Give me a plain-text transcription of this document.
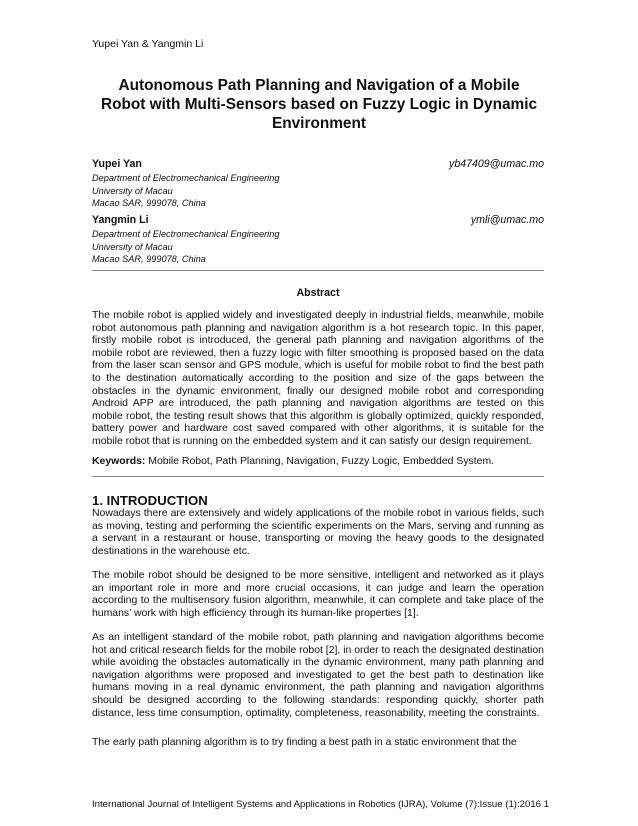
Yupei Yan & Yangmin Li
Autonomous Path Planning and Navigation of a Mobile Robot with Multi-Sensors based on Fuzzy Logic in Dynamic Environment
Yupei Yan	yb47409@umac.mo
Department of Electromechanical Engineering
University of Macau
Macao SAR, 999078, China
Yangmin Li	ymli@umac.mo
Department of Electromechanical Engineering
University of Macau
Macao SAR, 999078, China
Abstract
The mobile robot is applied widely and investigated deeply in industrial fields, meanwhile, mobile robot autonomous path planning and navigation algorithm is a hot research topic. In this paper, firstly mobile robot is introduced, the general path planning and navigation algorithms of the mobile robot are reviewed, then a fuzzy logic with filter smoothing is proposed based on the data from the laser scan sensor and GPS module, which is useful for mobile robot to find the best path to the destination automatically according to the position and size of the gaps between the obstacles in the dynamic environment, finally our designed mobile robot and corresponding Android APP are introduced, the path planning and navigation algorithms are tested on this mobile robot, the testing result shows that this algorithm is globally optimized, quickly responded, battery power and hardware cost saved compared with other algorithms, it is suitable for the mobile robot that is running on the embedded system and it can satisfy our design requirement.
Keywords: Mobile Robot, Path Planning, Navigation, Fuzzy Logic, Embedded System.
1. INTRODUCTION
Nowadays there are extensively and widely applications of the mobile robot in various fields, such as moving, testing and performing the scientific experiments on the Mars, serving and running as a servant in a restaurant or house, transporting or moving the heavy goods to the designated destinations in the warehouse etc.
The mobile robot should be designed to be more sensitive, intelligent and networked as it plays an important role in more and more crucial occasions, it can judge and learn the operation according to the multisensory fusion algorithm, meanwhile, it can complete and take place of the humans’ work with high efficiency through its human-like properties [1].
As an intelligent standard of the mobile robot, path planning and navigation algorithms become hot and critical research fields for the mobile robot [2], in order to reach the designated destination while avoiding the obstacles automatically in the dynamic environment, many path planning and navigation algorithms were proposed and investigated to get the best path to destination like humans moving in a real dynamic environment, the path planning and navigation algorithms should be designed according to the following standards: responding quickly, shorter path distance, less time consumption, optimality, completeness, reasonability, meeting the constraints.
The early path planning algorithm is to try finding a best path in a static environment that the
International Journal of Intelligent Systems and Applications in Robotics (IJRA), Volume (7):Issue (1):2016 1
